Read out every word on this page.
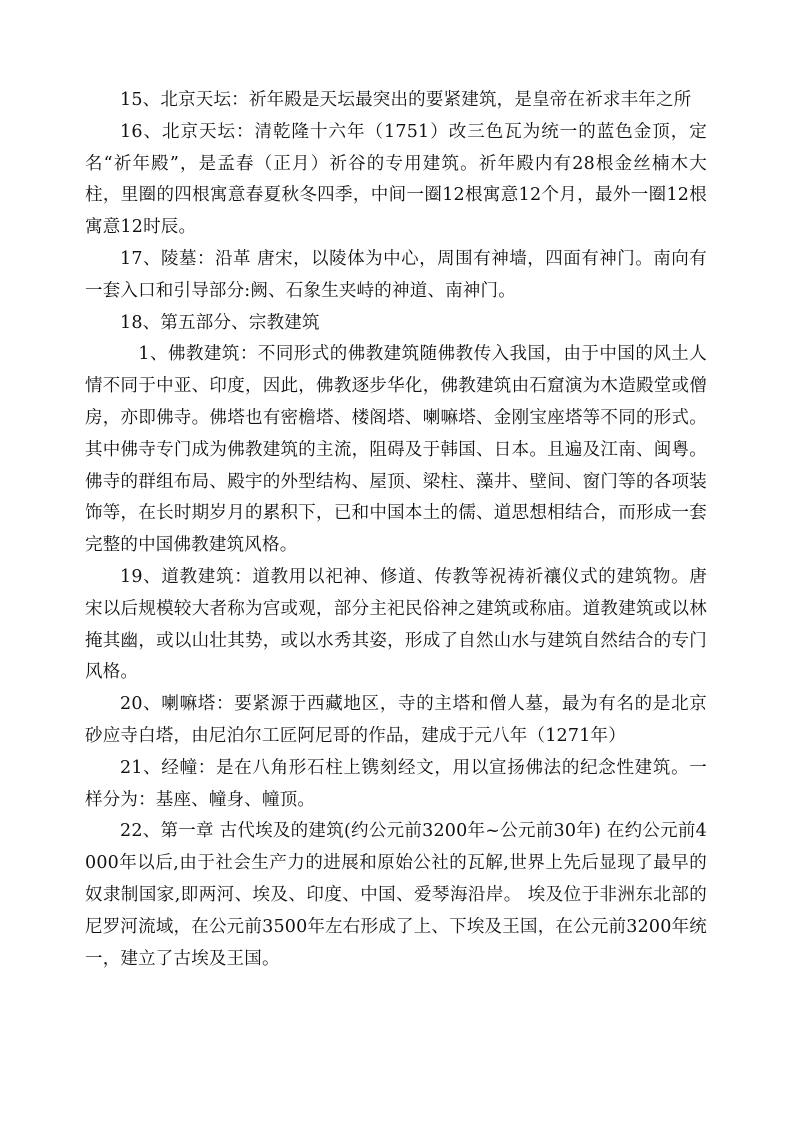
15、北京天坛：祈年殿是天坛最突出的要紧建筑，是皇帝在祈求丰年之所

16、北京天坛：清乾隆十六年（1751）改三色瓦为统一的蓝色金顶，定名“祈年殿”，是孟春（正月）祈谷的专用建筑。祈年殿内有28根金丝楠木大柱，里圈的四根寓意春夏秋冬四季，中间一圈12根寓意12个月，最外一圈12根寓意12时辰。

17、陵墓：沿革 唐宋，以陵体为中心，周围有神墙，四面有神门。南向有一套入口和引导部分:阙、石象生夹峙的神道、南神门。

18、第五部分、宗教建筑

1、佛教建筑：不同形式的佛教建筑随佛教传入我国，由于中国的风土人情不同于中亚、印度，因此，佛教逐步华化，佛教建筑由石窟演为木造殿堂或僧房，亦即佛寺。佛塔也有密檐塔、楼阁塔、喇嘛塔、金刚宝座塔等不同的形式。其中佛寺专门成为佛教建筑的主流，阻碍及于韩国、日本。且遍及江南、闽粤。佛寺的群组布局、殿宇的外型结构、屋顶、梁柱、藻井、壁间、窗门等的各项装饰等，在长时期岁月的累积下，已和中国本土的儒、道思想相结合，而形成一套完整的中国佛教建筑风格。

19、道教建筑：道教用以祀神、修道、传教等祝祷祈禳仪式的建筑物。唐宋以后规模较大者称为宫或观，部分主祀民俗神之建筑或称庙。道教建筑或以林掩其幽，或以山壮其势，或以水秀其姿，形成了自然山水与建筑自然结合的专门风格。

20、喇嘛塔：要紧源于西藏地区，寺的主塔和僧人墓，最为有名的是北京砂应寺白塔，由尼泊尔工匠阿尼哥的作品，建成于元八年（1271年）

21、经幢：是在八角形石柱上镌刻经文，用以宣扬佛法的纪念性建筑。一样分为：基座、幢身、幢顶。

22、第一章 古代埃及的建筑(约公元前3200年~公元前30年) 在约公元前4000年以后,由于社会生产力的进展和原始公社的瓦解,世界上先后显现了最早的奴隶制国家,即两河、埃及、印度、中国、爱琴海沿岸。 埃及位于非洲东北部的尼罗河流域，在公元前3500年左右形成了上、下埃及王国，在公元前3200年统一，建立了古埃及王国。
